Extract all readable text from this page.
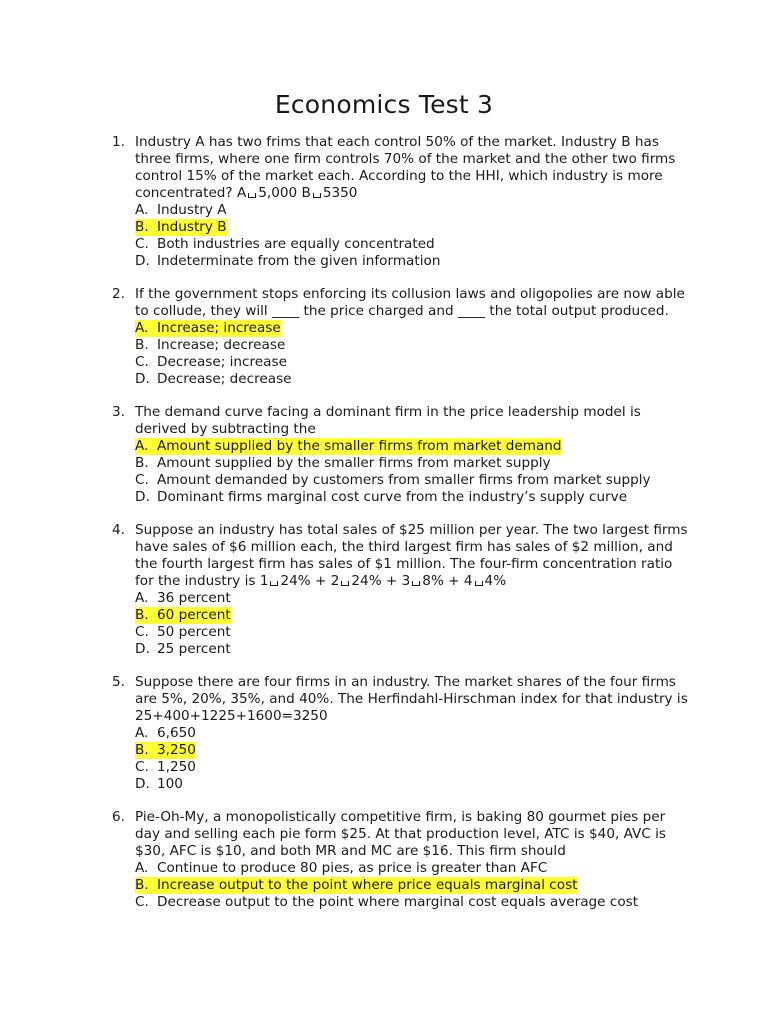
Economics Test 3
1. Industry A has two frims that each control 50% of the market. Industry B has three firms, where one firm controls 70% of the market and the other two firms control 15% of the market each. According to the HHI, which industry is more concentrated? A 5,000 B 5350
A. Industry A
B. Industry B
C. Both industries are equally concentrated
D. Indeterminate from the given information
2. If the government stops enforcing its collusion laws and oligopolies are now able to collude, they will ____ the price charged and ____ the total output produced.
A. Increase; increase
B. Increase; decrease
C. Decrease; increase
D. Decrease; decrease
3. The demand curve facing a dominant firm in the price leadership model is derived by subtracting the
A. Amount supplied by the smaller firms from market demand
B. Amount supplied by the smaller firms from market supply
C. Amount demanded by customers from smaller firms from market supply
D. Dominant firms marginal cost curve from the industry’s supply curve
4. Suppose an industry has total sales of $25 million per year. The two largest firms have sales of $6 million each, the third largest firm has sales of $2 million, and the fourth largest firm has sales of $1 million. The four-firm concentration ratio for the industry is 1 24% + 2 24% + 3 8% + 4 4%
A. 36 percent
B. 60 percent
C. 50 percent
D. 25 percent
5. Suppose there are four firms in an industry. The market shares of the four firms are 5%, 20%, 35%, and 40%. The Herfindahl-Hirschman index for that industry is 25+400+1225+1600=3250
A. 6,650
B. 3,250
C. 1,250
D. 100
6. Pie-Oh-My, a monopolistically competitive firm, is baking 80 gourmet pies per day and selling each pie form $25. At that production level, ATC is $40, AVC is $30, AFC is $10, and both MR and MC are $16. This firm should
A. Continue to produce 80 pies, as price is greater than AFC
B. Increase output to the point where price equals marginal cost
C. Decrease output to the point where marginal cost equals average cost
